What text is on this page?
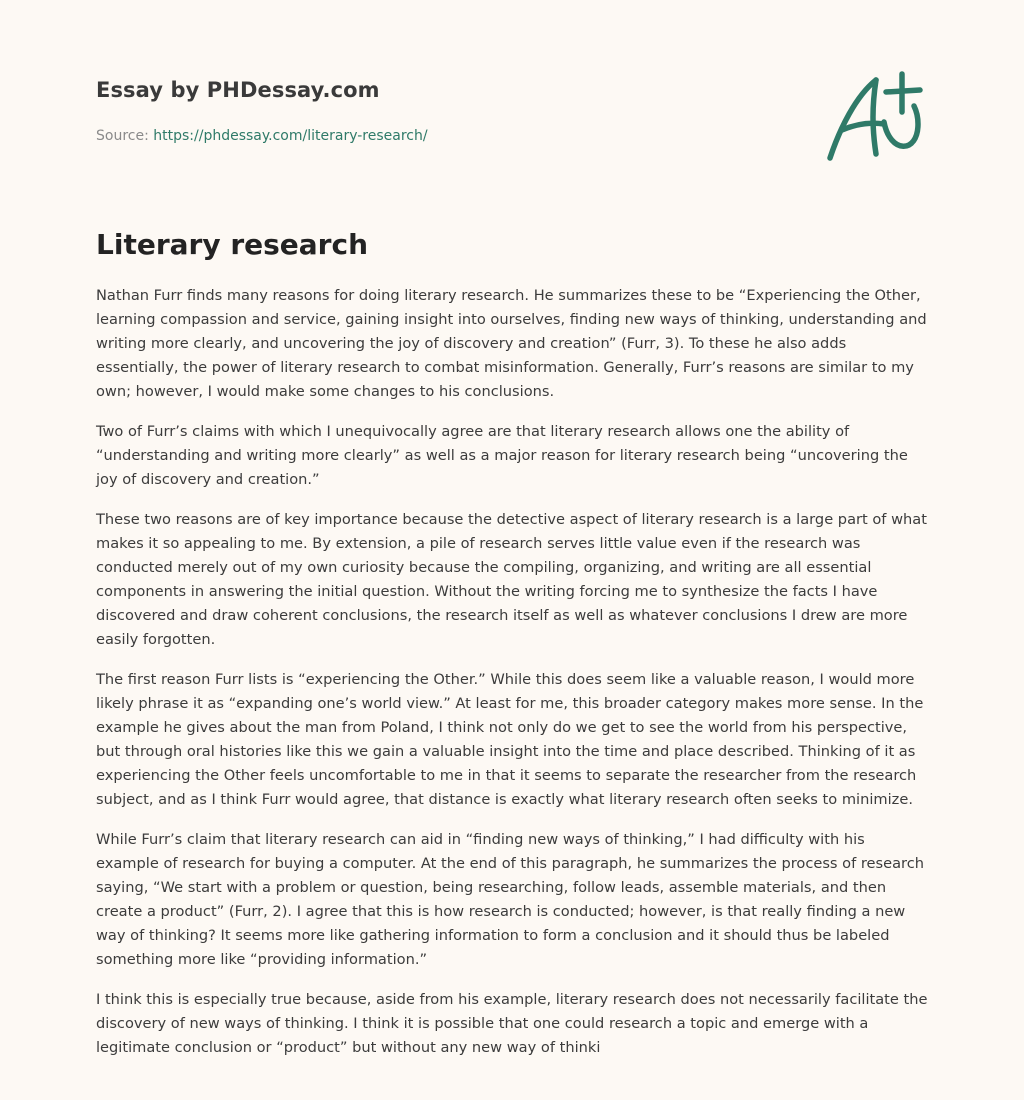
Essay by PHDessay.com
Source: https://phdessay.com/literary-research/
Literary research

Nathan Furr finds many reasons for doing literary research. He summarizes these to be “Experiencing the Other, learning compassion and service, gaining insight into ourselves, finding new ways of thinking, understanding and writing more clearly, and uncovering the joy of discovery and creation” (Furr, 3). To these he also adds essentially, the power of literary research to combat misinformation. Generally, Furr’s reasons are similar to my own; however, I would make some changes to his conclusions.

Two of Furr’s claims with which I unequivocally agree are that literary research allows one the ability of “understanding and writing more clearly” as well as a major reason for literary research being “uncovering the joy of discovery and creation.”

These two reasons are of key importance because the detective aspect of literary research is a large part of what makes it so appealing to me. By extension, a pile of research serves little value even if the research was conducted merely out of my own curiosity because the compiling, organizing, and writing are all essential components in answering the initial question. Without the writing forcing me to synthesize the facts I have discovered and draw coherent conclusions, the research itself as well as whatever conclusions I drew are more easily forgotten.

The first reason Furr lists is “experiencing the Other.” While this does seem like a valuable reason, I would more likely phrase it as “expanding one’s world view.” At least for me, this broader category makes more sense. In the example he gives about the man from Poland, I think not only do we get to see the world from his perspective, but through oral histories like this we gain a valuable insight into the time and place described. Thinking of it as experiencing the Other feels uncomfortable to me in that it seems to separate the researcher from the research subject, and as I think Furr would agree, that distance is exactly what literary research often seeks to minimize.

While Furr’s claim that literary research can aid in “finding new ways of thinking,” I had difficulty with his example of research for buying a computer. At the end of this paragraph, he summarizes the process of research saying, “We start with a problem or question, being researching, follow leads, assemble materials, and then create a product” (Furr, 2). I agree that this is how research is conducted; however, is that really finding a new way of thinking? It seems more like gathering information to form a conclusion and it should thus be labeled something more like “providing information.”

I think this is especially true because, aside from his example, literary research does not necessarily facilitate the discovery of new ways of thinking. I think it is possible that one could research a topic and emerge with a legitimate conclusion or “product” but without any new way of thinki
